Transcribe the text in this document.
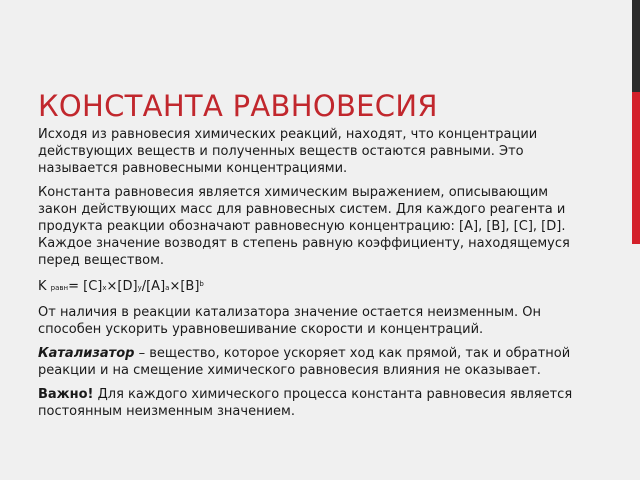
КОНСТАНТА РАВНОВЕСИЯ

Исходя из равновесия химических реакций, находят, что концентрации действующих веществ и полученных веществ остаются равными. Это называется равновесными концентрациями.

Константа равновесия является химическим выражением, описывающим закон действующих масс для равновесных систем. Для каждого реагента и продукта реакции обозначают равновесную концентрацию: [A], [B], [C], [D]. Каждое значение возводят в степень равную коэффициенту, находящемуся перед веществом.

K равн= $[C]x\times[D]y/[A]a\times[B]^b$

От наличия в реакции катализатора значение остается неизменным. Он способен ускорить уравновешивание скорости и концентраций.

Катализатор – вещество, которое ускоряет ход как прямой, так и обратной реакции и на смещение химического равновесия влияния не оказывает.

Важно! Для каждого химического процесса константа равновесия является постоянным неизменным значением.
